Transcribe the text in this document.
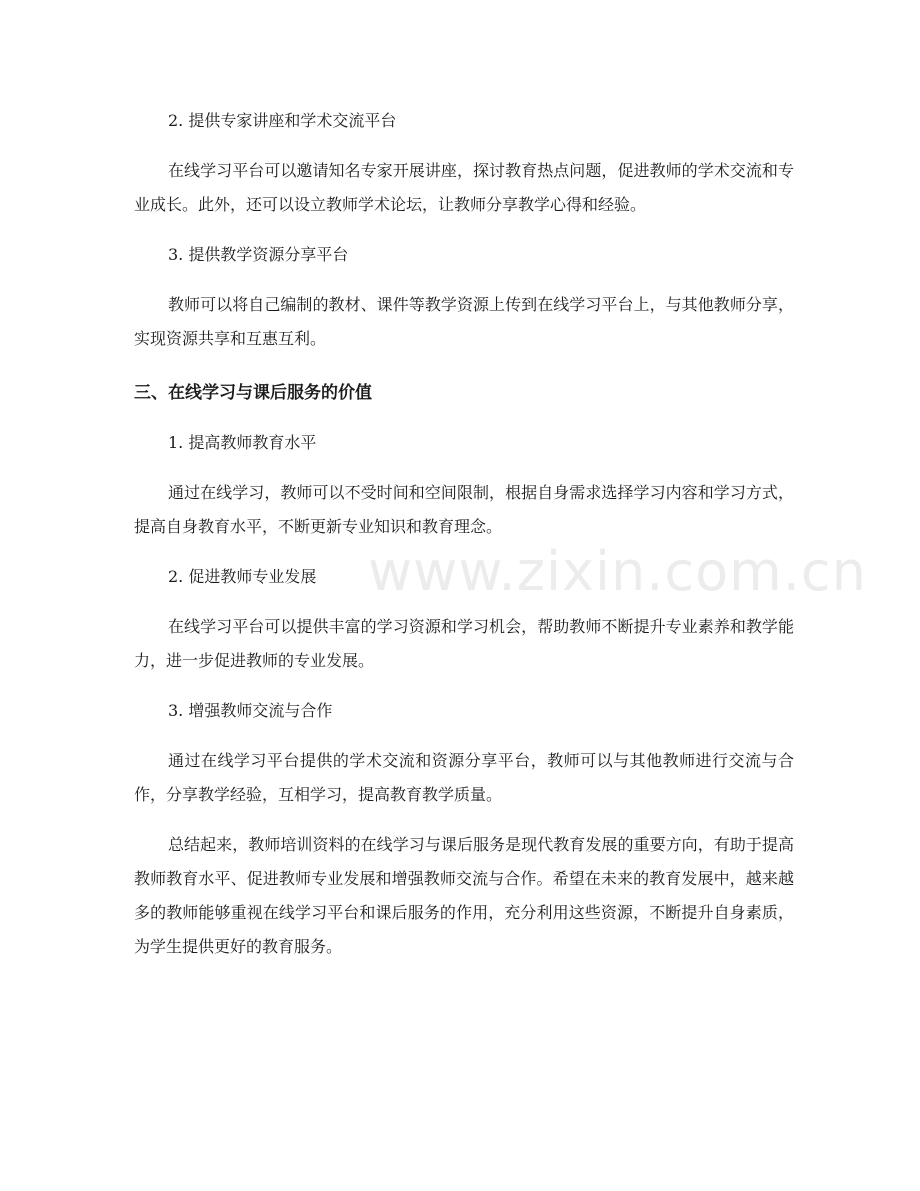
2. 提供专家讲座和学术交流平台

在线学习平台可以邀请知名专家开展讲座，探讨教育热点问题，促进教师的学术交流和专业成长。此外，还可以设立教师学术论坛，让教师分享教学心得和经验。

3. 提供教学资源分享平台

教师可以将自己编制的教材、课件等教学资源上传到在线学习平台上，与其他教师分享，实现资源共享和互惠互利。

三、在线学习与课后服务的价值

1. 提高教师教育水平

通过在线学习，教师可以不受时间和空间限制，根据自身需求选择学习内容和学习方式，提高自身教育水平，不断更新专业知识和教育理念。

2. 促进教师专业发展

在线学习平台可以提供丰富的学习资源和学习机会，帮助教师不断提升专业素养和教学能力，进一步促进教师的专业发展。

3. 增强教师交流与合作

通过在线学习平台提供的学术交流和资源分享平台，教师可以与其他教师进行交流与合作，分享教学经验，互相学习，提高教育教学质量。

总结起来，教师培训资料的在线学习与课后服务是现代教育发展的重要方向，有助于提高教师教育水平、促进教师专业发展和增强教师交流与合作。希望在未来的教育发展中，越来越多的教师能够重视在线学习平台和课后服务的作用，充分利用这些资源，不断提升自身素质，为学生提供更好的教育服务。

www.zixin.com.cn
